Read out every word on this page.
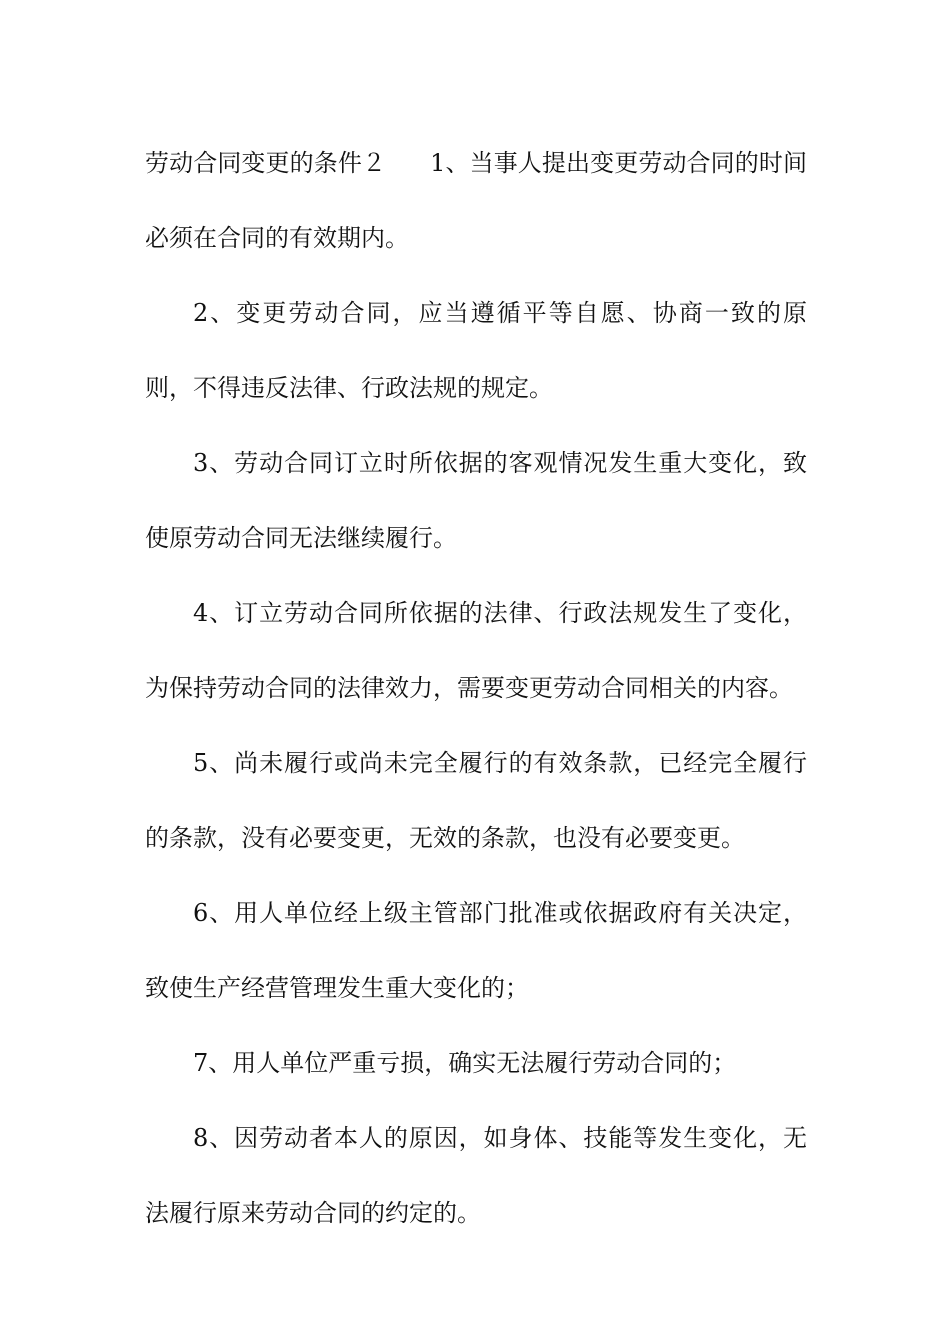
劳动合同变更的条件２ 1、当事人提出变更劳动合同的时间必须在合同的有效期内。

2、变更劳动合同，应当遵循平等自愿、协商一致的原则，不得违反法律、行政法规的规定。

3、劳动合同订立时所依据的客观情况发生重大变化，致使原劳动合同无法继续履行。

4、订立劳动合同所依据的法律、行政法规发生了变化，为保持劳动合同的法律效力，需要变更劳动合同相关的内容。

5、尚未履行或尚未完全履行的有效条款，已经完全履行的条款，没有必要变更，无效的条款，也没有必要变更。

6、用人单位经上级主管部门批准或依据政府有关决定，致使生产经营管理发生重大变化的；

7、用人单位严重亏损，确实无法履行劳动合同的；

8、因劳动者本人的原因，如身体、技能等发生变化，无法履行原来劳动合同的约定的。
